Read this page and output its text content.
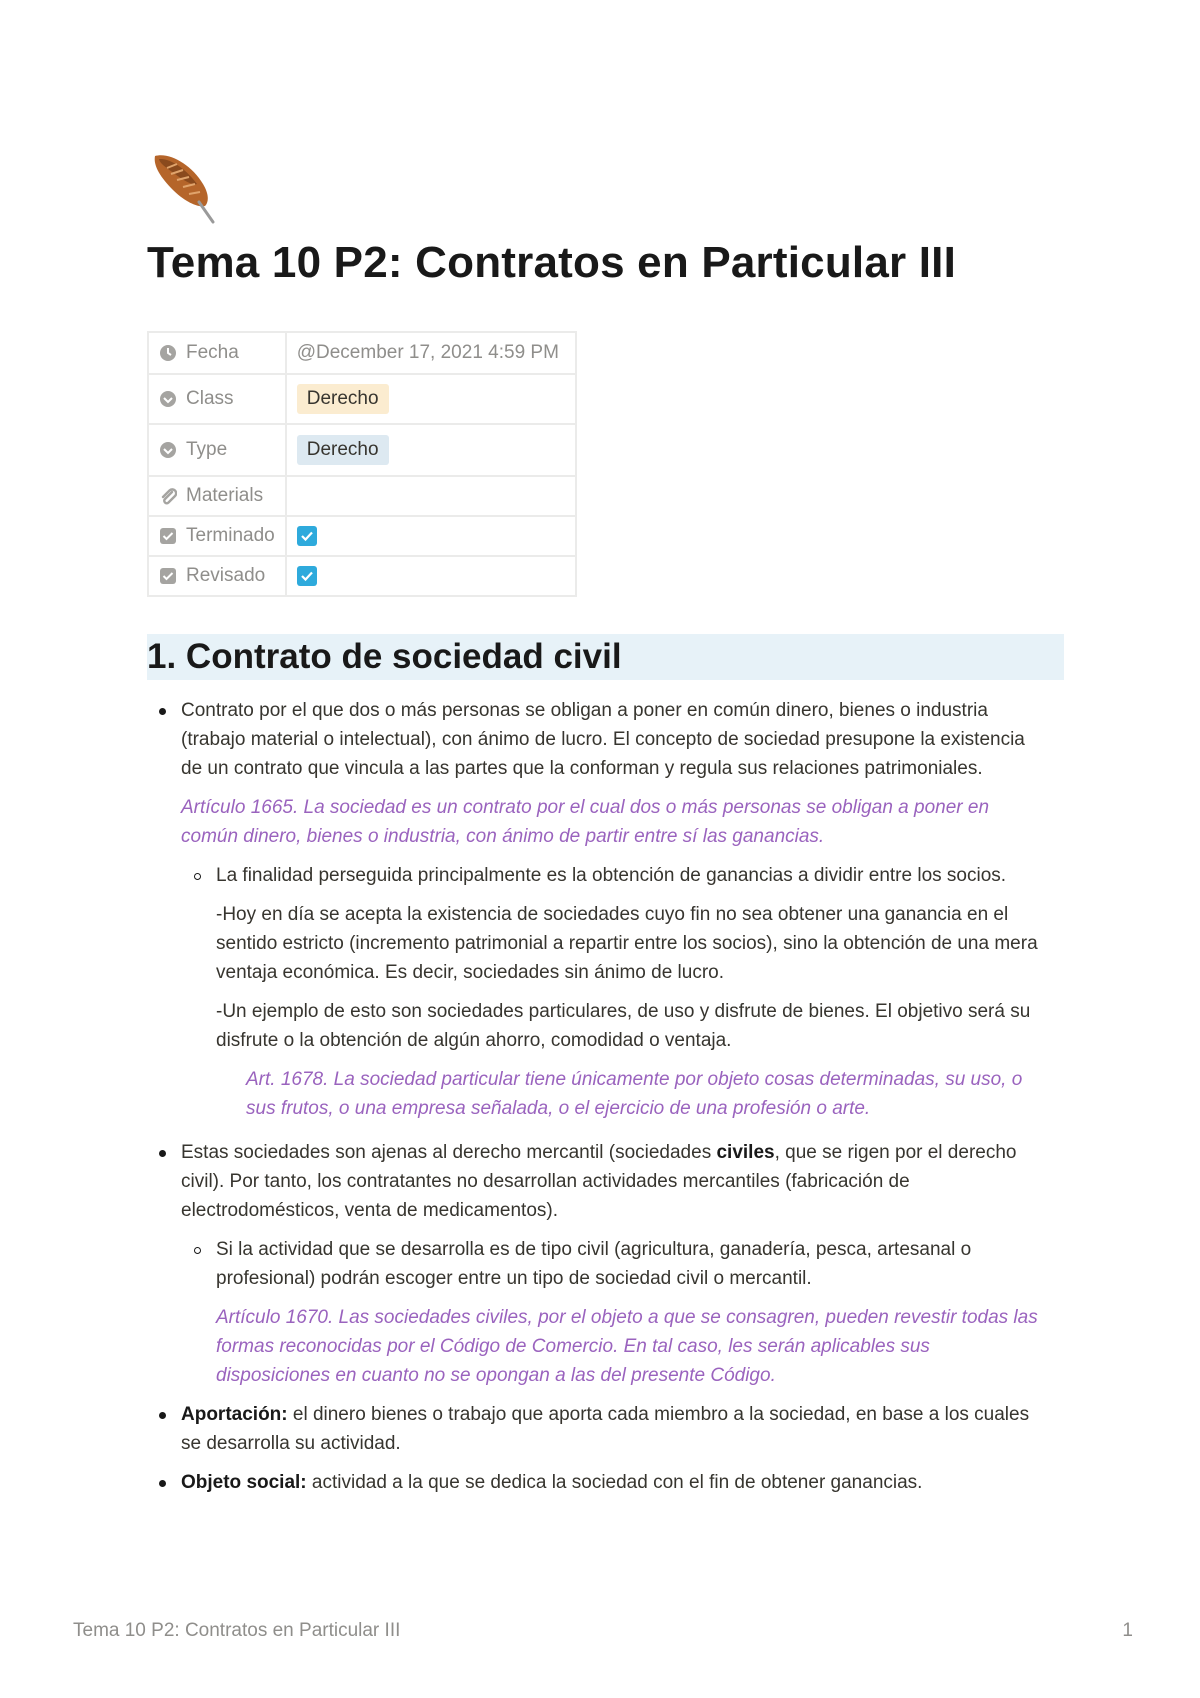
Tema 10 P2: Contratos en Particular III
Fecha	@December 17, 2021 4:59 PM

Class	Derecho

Type	Derecho

Materials	

Terminado

Revisado

1. Contrato de sociedad civil

Contrato por el que dos o más personas se obligan a poner en común dinero, bienes o industria

(trabajo material o intelectual), con ánimo de lucro. El concepto de sociedad presupone la existencia

de un contrato que vincula a las partes que la conforman y regula sus relaciones patrimoniales.

Artículo 1665. La sociedad es un contrato por el cual dos o más personas se obligan a poner en

común dinero, bienes o industria, con ánimo de partir entre sí las ganancias.

La finalidad perseguida principalmente es la obtención de ganancias a dividir entre los socios.

-Hoy en día se acepta la existencia de sociedades cuyo fin no sea obtener una ganancia en el

sentido estricto (incremento patrimonial a repartir entre los socios), sino la obtención de una mera

ventaja económica. Es decir, sociedades sin ánimo de lucro.

-Un ejemplo de esto son sociedades particulares, de uso y disfrute de bienes. El objetivo será su

disfrute o la obtención de algún ahorro, comodidad o ventaja.

Art. 1678. La sociedad particular tiene únicamente por objeto cosas determinadas, su uso, o

sus frutos, o una empresa señalada, o el ejercicio de una profesión o arte.

Estas sociedades son ajenas al derecho mercantil (sociedades civiles, que se rigen por el derecho

civil). Por tanto, los contratantes no desarrollan actividades mercantiles (fabricación de

electrodomésticos, venta de medicamentos).

Si la actividad que se desarrolla es de tipo civil (agricultura, ganadería, pesca, artesanal o

profesional) podrán escoger entre un tipo de sociedad civil o mercantil.

Artículo 1670. Las sociedades civiles, por el objeto a que se consagren, pueden revestir todas las

formas reconocidas por el Código de Comercio. En tal caso, les serán aplicables sus

disposiciones en cuanto no se opongan a las del presente Código.

Aportación: el dinero bienes o trabajo que aporta cada miembro a la sociedad, en base a los cuales

se desarrolla su actividad.

Objeto social: actividad a la que se dedica la sociedad con el fin de obtener ganancias.

Tema 10 P2: Contratos en Particular III	1
